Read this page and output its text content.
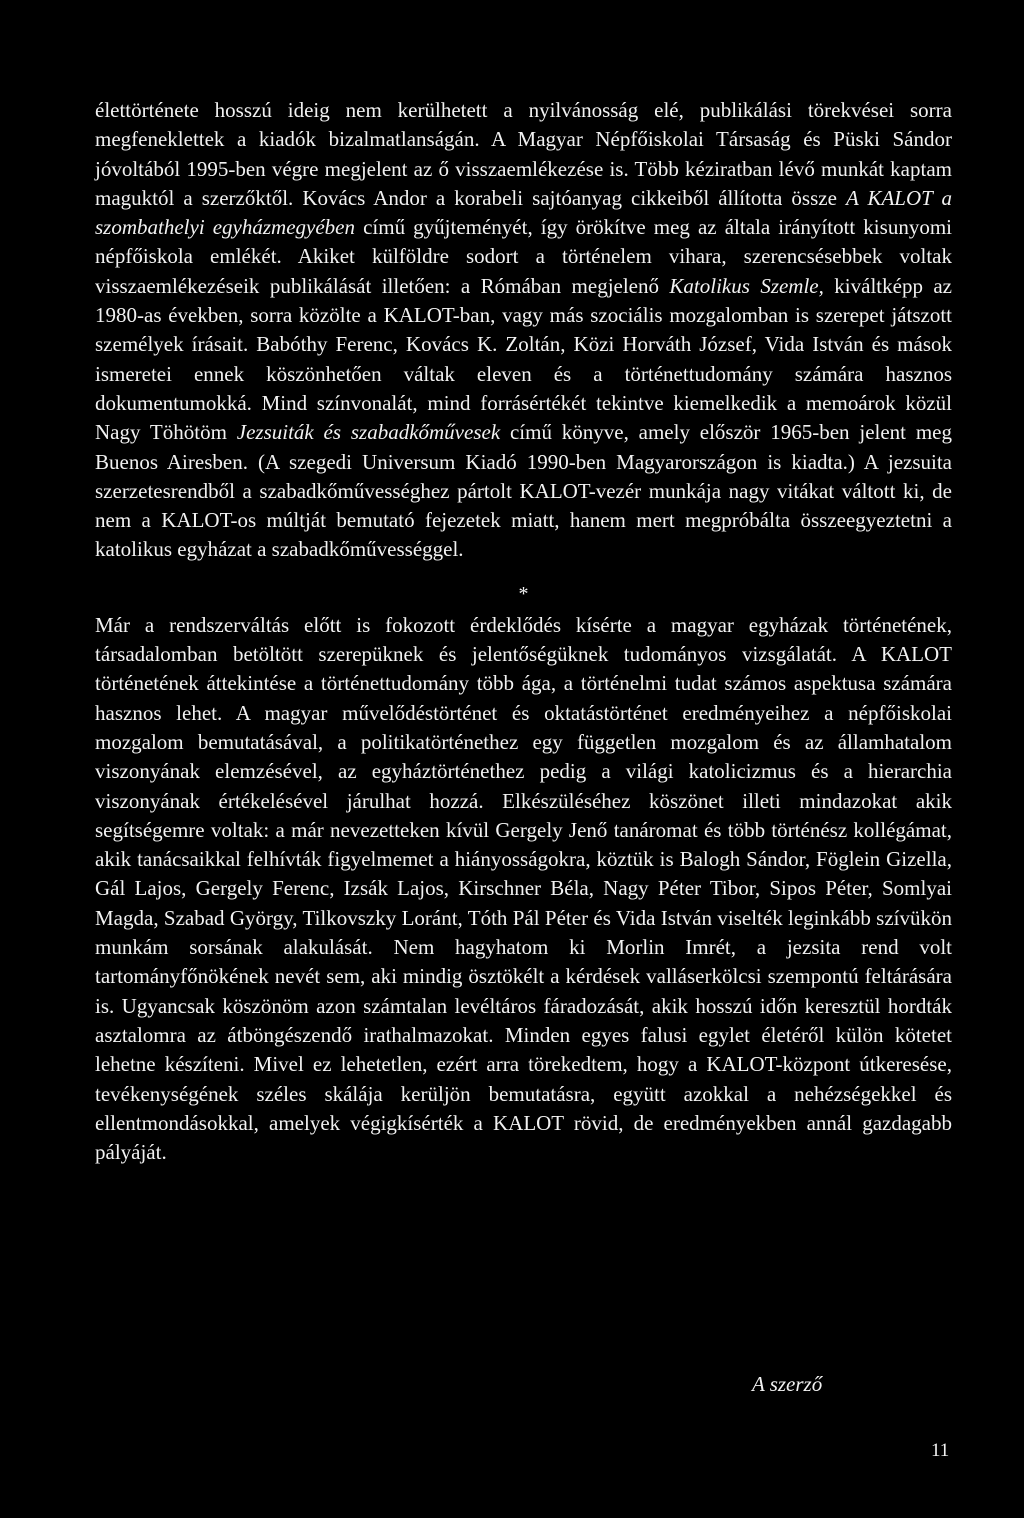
élettörténete hosszú ideig nem kerülhetett a nyilvánosság elé, publikálási törekvései sorra megfeneklettek a kiadók bizalmatlanságán. A Magyar Népfőiskolai Társaság és Püski Sándor jóvoltából 1995-ben végre megjelent az ő visszaemlékezése is. Több kéziratban lévő munkát kaptam maguktól a szerzőktől. Kovács Andor a korabeli sajtóanyag cikkeiből állította össze A KALOT a szombathelyi egyházmegyében című gyűjteményét, így örökítve meg az általa irányított kisunyomi népfőiskola emlékét. Akiket külföldre sodort a történelem vihara, szerencsésebbek voltak visszaemlékezéseik publikálását illetően: a Rómában megjelenő Katolikus Szemle, kiváltképp az 1980-as években, sorra közölte a KALOT-ban, vagy más szociális mozgalomban is szerepet játszott személyek írásait. Babóthy Ferenc, Kovács K. Zoltán, Közi Horváth József, Vida István és mások ismeretei ennek köszönhetően váltak eleven és a történettudomány számára hasznos dokumentumokká. Mind színvonalát, mind forrásértékét tekintve kiemelkedik a memoárok közül Nagy Töhötöm Jezsuiták és szabadkőművesek című könyve, amely először 1965-ben jelent meg Buenos Airesben. (A szegedi Universum Kiadó 1990-ben Magyarországon is kiadta.) A jezsuita szerzetesrendből a szabadkőművességhez pártolt KALOT-vezér munkája nagy vitákat váltott ki, de nem a KALOT-os múltját bemutató fejezetek miatt, hanem mert megpróbálta összeegyeztetni a katolikus egyházat a szabadkőművességgel.

*

Már a rendszerváltás előtt is fokozott érdeklődés kísérte a magyar egyházak történetének, társadalomban betöltött szerepüknek és jelentőségüknek tudományos vizsgálatát. A KALOT történetének áttekintése a történettudomány több ága, a történelmi tudat számos aspektusa számára hasznos lehet. A magyar művelődéstörténet és oktatástörténet eredményeihez a népfőiskolai mozgalom bemutatásával, a politikatörténethez egy független mozgalom és az államhatalom viszonyának elemzésével, az egyháztörténethez pedig a világi katolicizmus és a hierarchia viszonyának értékelésével járulhat hozzá. Elkészüléséhez köszönet illeti mindazokat akik segítségemre voltak: a már nevezetteken kívül Gergely Jenő tanáromat és több történész kollégámat, akik tanácsaikkal felhívták figyelmemet a hiányosságokra, köztük is Balogh Sándor, Föglein Gizella, Gál Lajos, Gergely Ferenc, Izsák Lajos, Kirschner Béla, Nagy Péter Tibor, Sipos Péter, Somlyai Magda, Szabad György, Tilkovszky Loránt, Tóth Pál Péter és Vida István viselték leginkább szívükön munkám sorsának alakulását. Nem hagyhatom ki Morlin Imrét, a jezsita rend volt tartományfőnökének nevét sem, aki mindig ösztökélt a kérdések valláserkölcsi szempontú feltárására is. Ugyancsak köszönöm azon számtalan levéltáros fáradozását, akik hosszú időn keresztül hordták asztalomra az átböngészendő irathalmazokat. Minden egyes falusi egylet életéről külön kötetet lehetne készíteni. Mivel ez lehetetlen, ezért arra törekedtem, hogy a KALOT-központ útkeresése, tevékenységének széles skálája kerüljön bemutatásra, együtt azokkal a nehézségekkel és ellentmondásokkal, amelyek végigkísérték a KALOT rövid, de eredményekben annál gazdagabb pályáját.

A szerző
11
